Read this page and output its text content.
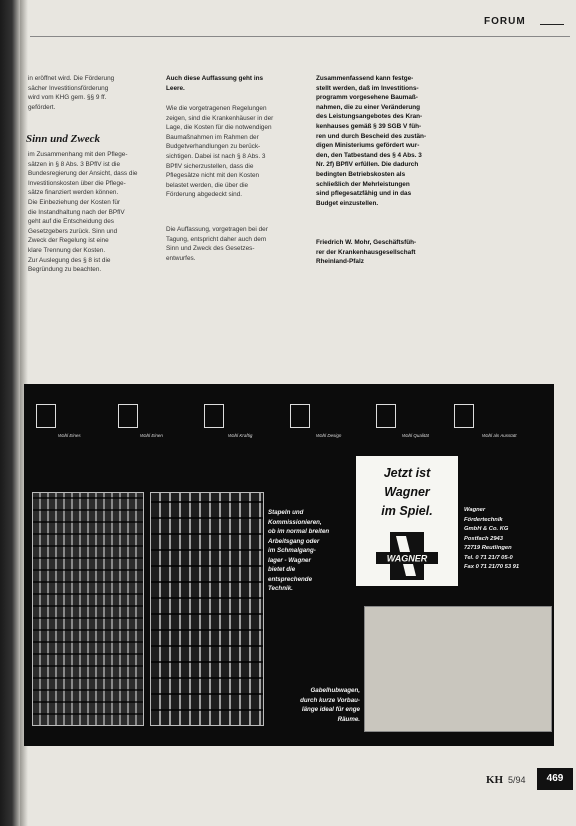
FORUM
in eröffnet wird. Die Förderung
sächer Investitionsförderung
wird vom KHG gem. §§ 9 ff.
gefördert.
Sinn und Zweck
im Zusammenhang mit den Pflege-
sätzen in § 8 Abs. 3 BPflV ist die
Bundesregierung der Ansicht, dass die
Investitionskosten über die Pflege-
sätze finanziert werden können.
Die Einbeziehung der Kosten für
die Instandhaltung nach der BPflV
geht auf die Entscheidung des
Gesetzgebers zurück. Sinn und
Zweck der Regelung ist eine
klare Trennung der Kosten.
Zur Auslegung des § 8 ist die
Begründung zu beachten.
Auch diese Auffassung geht ins
Leere.
Wie die vorgetragenen Regelungen
zeigen, sind die Krankenhäuser in der
Lage, die Kosten für die notwendigen
Baumaßnahmen im Rahmen der
Budgetverhandlungen zu berück-
sichtigen. Dabei ist nach § 8 Abs. 3
BPflV sicherzustellen, dass die
Pflegesätze nicht mit den Kosten
belastet werden, die über die
Förderung abgedeckt sind.
Die Auffassung, vorgetragen bei der
Tagung, entspricht daher auch dem
Sinn und Zweck des Gesetzes-
entwurfes.
Zusammenfassend kann festge-
stellt werden, daß im Investitions-
programm vorgesehene Baumaß-
nahmen, die zu einer Veränderung
des Leistungsangebotes des Kran-
kenhauses gemäß § 39 SGB V füh-
ren und durch Bescheid des zustän-
digen Ministeriums gefördert wur-
den, den Tatbestand des § 4 Abs. 3
Nr. 2f) BPflV erfüllen. Die dadurch
bedingten Betriebskosten als
schließlich der Mehrleistungen
sind pflegesatzfähig und in das
Budget einzustellen.
Friedrich W. Mohr, Geschäftsfüh-
rer der Krankenhausgesellschaft
Rheinland-Pfalz
Wahl Eines	Wahl Einen	Wahl Kraftig	Wahl Design	Wahl Qualität	Wahl als Ausstatt
Stapeln und
Kommissionieren,
ob im normal breiten
Arbeitsgang oder
im Schmalgang-
lager - Wagner
bietet die
entsprechende
Technik.
Wagner
Fördertechnik
GmbH & Co. KG
Postfach 2943
72719 Reutlingen
Tel. 0 71 21/7 05-0
Fax 0 71 21/70 53 91
Gabelhubwagen,
durch kurze Vorbau-
länge ideal für enge
Räume.
Jetzt ist
Wagner
im Spiel.
WAGNER
KH 5/94	469
